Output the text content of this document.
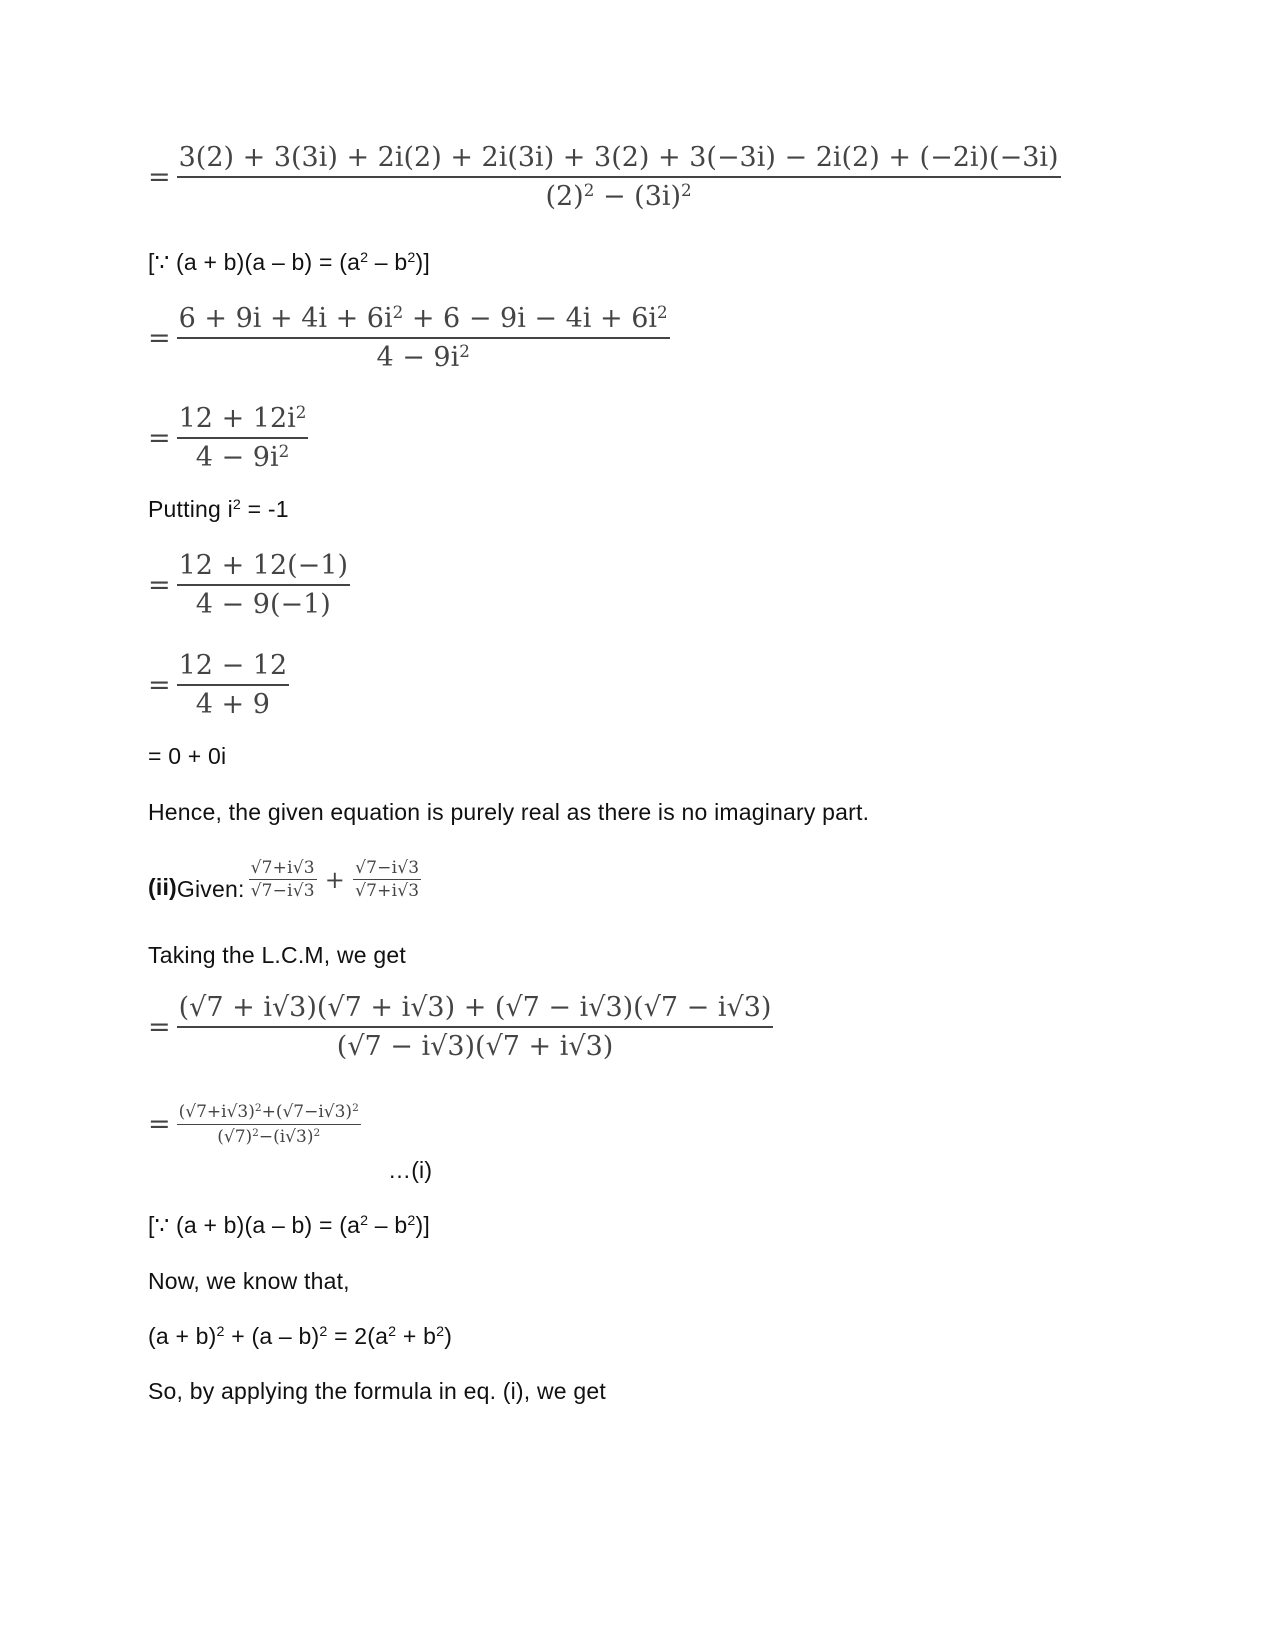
=
3(2) + 3(3i) + 2i(2) + 2i(3i) + 3(2) + 3(−3i) − 2i(2) + (−2i)(−3i)
$(2)^2 - (3i)^2$
[∵ $(a + b)(a - b) = (a^2 - b^2)$]
= $\frac{6 + 9i + 4i + 6i^2 + 6 - 9i - 4i + 6i^2}{4 - 9i^2}$
= $\frac{12 + 12i^2}{4 - 9i^2}$
Putting $i^2 = -1$
= $\frac{12 + 12(-1)}{4 - 9(-1)}$
= $\frac{12 - 12}{4 + 9}$
= 0 + 0i
Hence, the given equation is purely real as there is no imaginary part.
(ii) Given: $\frac{√7+i√3}{√7-i√3} + \frac{√7-i√3}{√7+i√3}$
Taking the L.C.M, we get
= $\frac{(√7 + i√3)(√7 + i√3) + (√7 - i√3)(√7 - i√3)}{(√7 - i√3)(√7 + i√3)}$
= $\frac{(√7+i√3)^2+(√7-i√3)^2}{(√7)^2-(i√3)^2}$
…(i)
[∵ $(a + b)(a - b) = (a^2 - b^2)$]
Now, we know that,
$(a + b)^2 + (a - b)^2 = 2(a^2 + b^2)$
So, by applying the formula in eq. (i), we get
